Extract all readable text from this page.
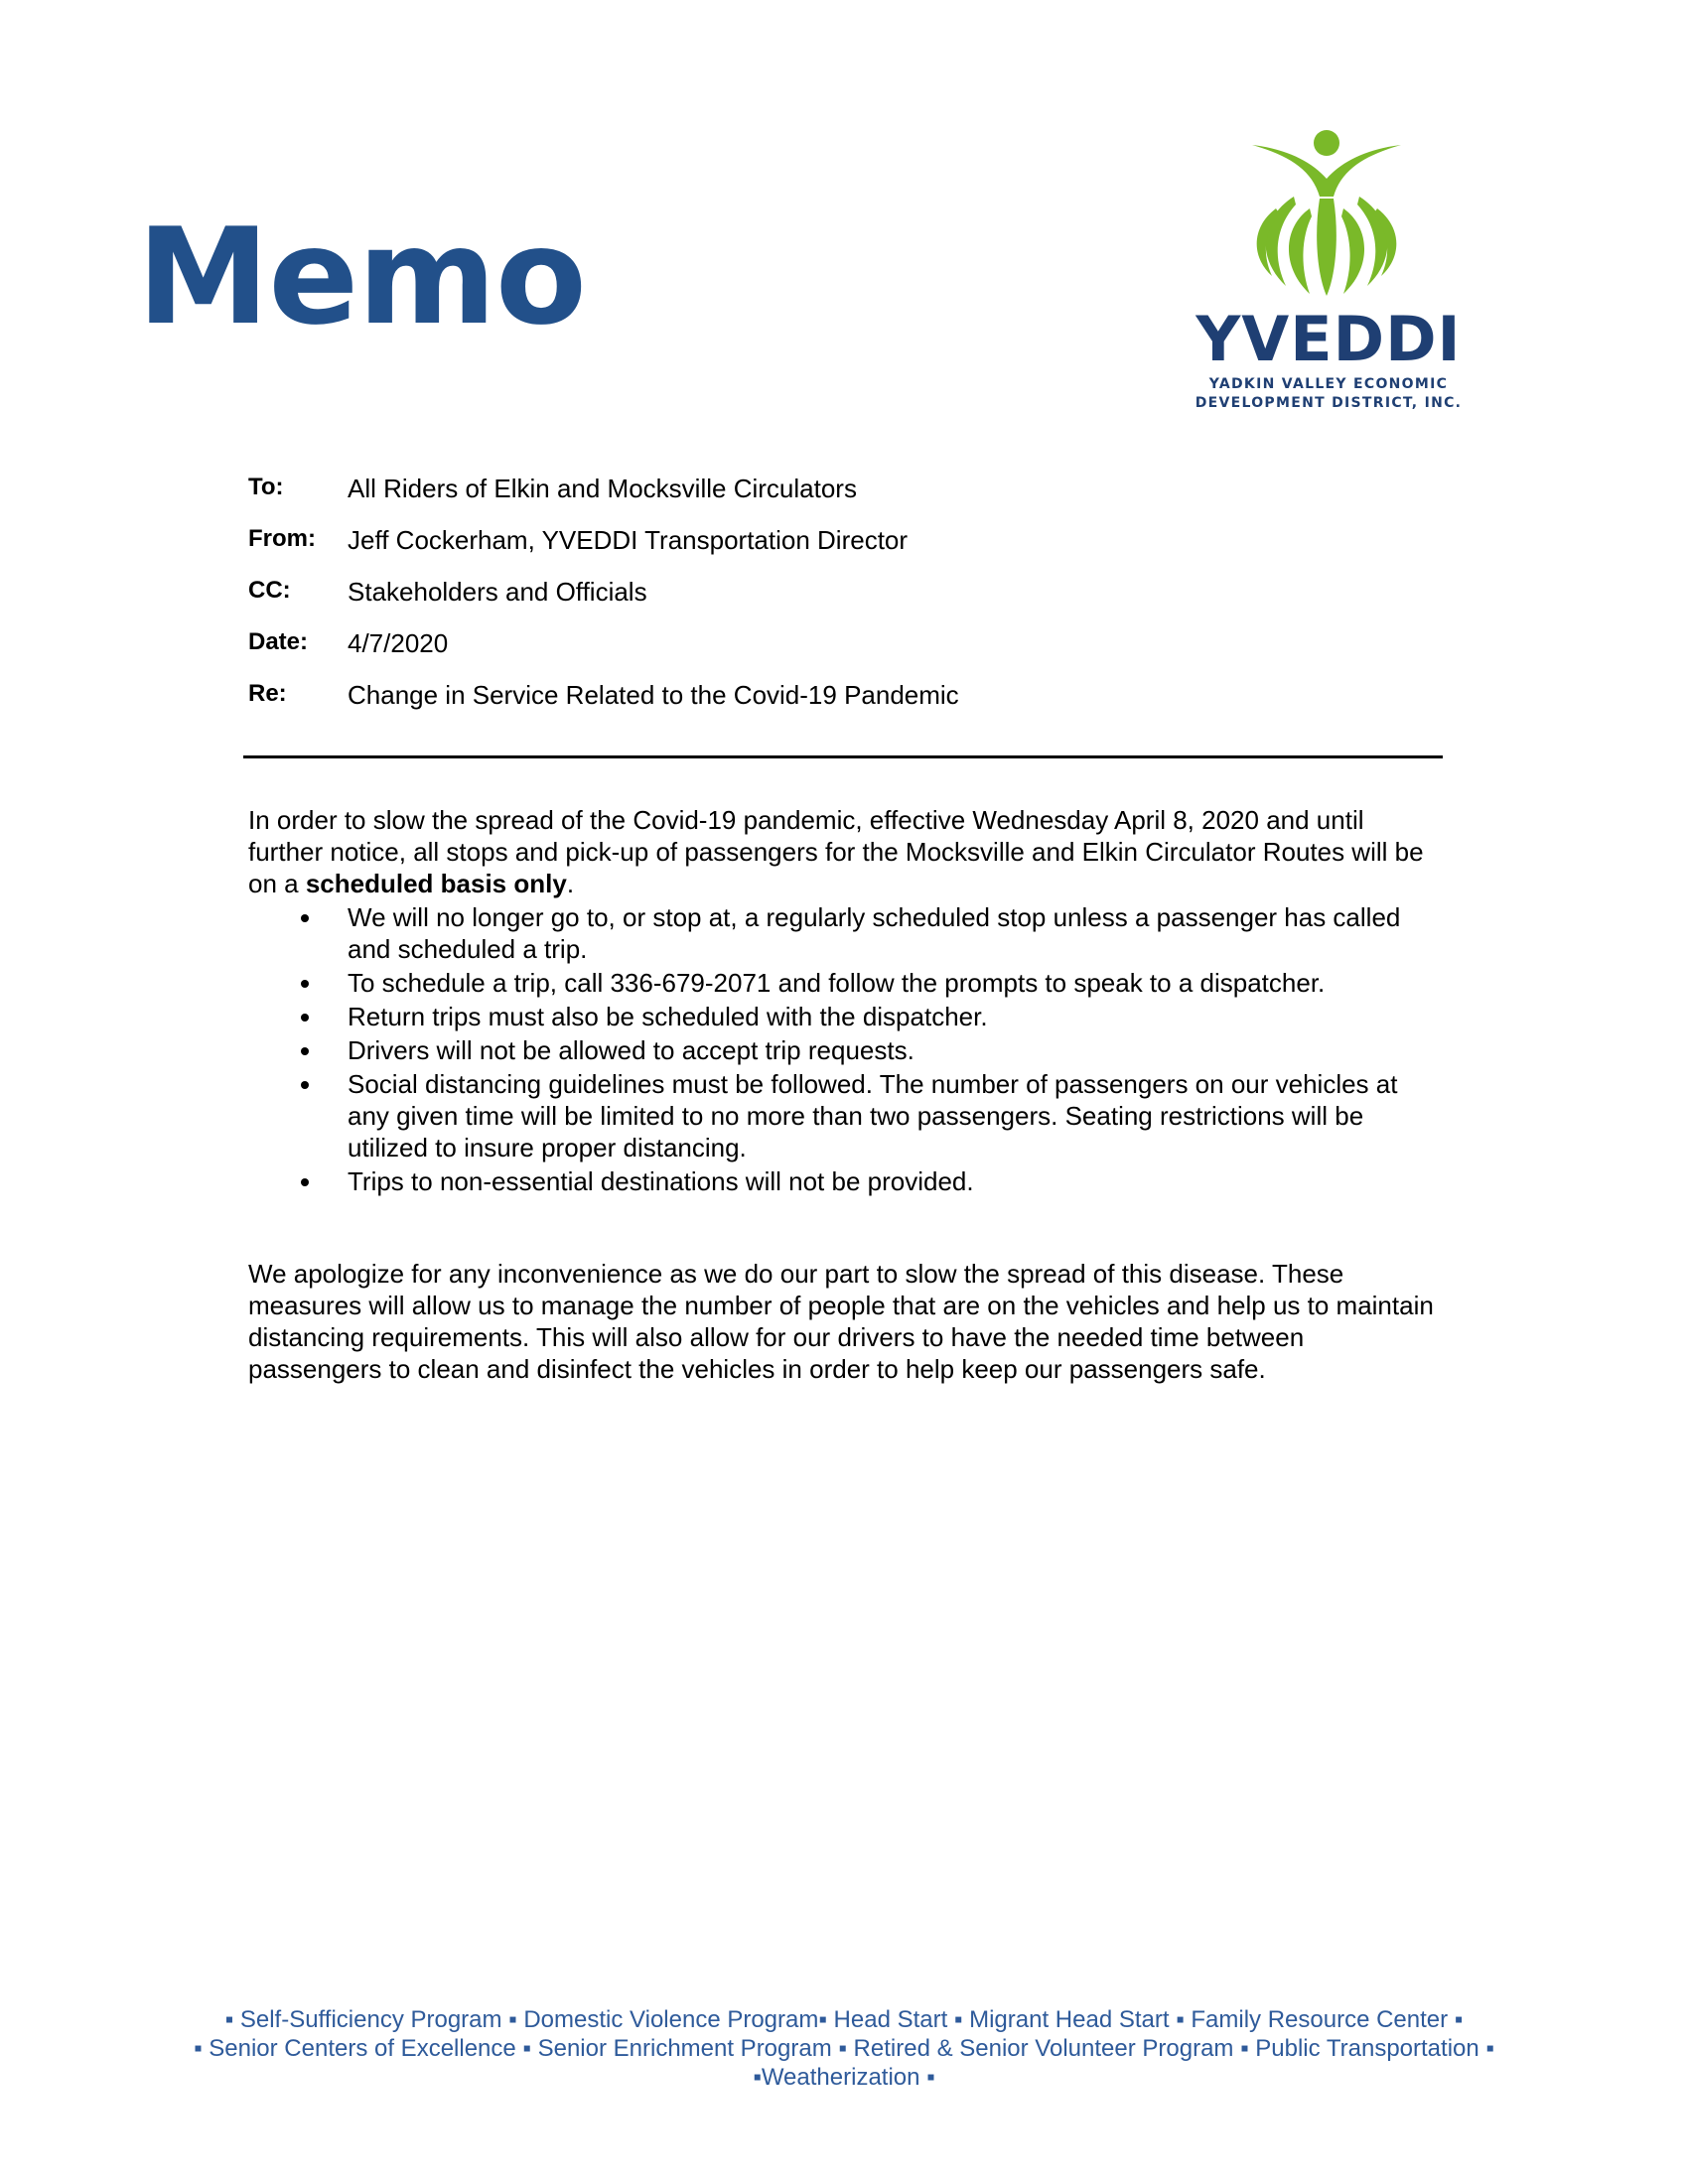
Memo	YVEDDI
YADKIN VALLEY ECONOMIC
DEVELOPMENT DISTRICT, INC.
To: All Riders of Elkin and Mocksville Circulators
From: Jeff Cockerham, YVEDDI Transportation Director
CC: Stakeholders and Officials
Date: 4/7/2020
Re: Change in Service Related to the Covid-19 Pandemic

In order to slow the spread of the Covid-19 pandemic, effective Wednesday April 8, 2020 and until further notice, all stops and pick-up of passengers for the Mocksville and Elkin Circulator Routes will be on a scheduled basis only.

We will no longer go to, or stop at, a regularly scheduled stop unless a passenger has called and scheduled a trip.
To schedule a trip, call 336-679-2071 and follow the prompts to speak to a dispatcher.
Return trips must also be scheduled with the dispatcher.
Drivers will not be allowed to accept trip requests.
Social distancing guidelines must be followed. The number of passengers on our vehicles at any given time will be limited to no more than two passengers. Seating restrictions will be utilized to insure proper distancing.
Trips to non-essential destinations will not be provided.

We apologize for any inconvenience as we do our part to slow the spread of this disease. These measures will allow us to manage the number of people that are on the vehicles and help us to maintain distancing requirements. This will also allow for our drivers to have the needed time between passengers to clean and disinfect the vehicles in order to help keep our passengers safe.

▪ Self-Sufficiency Program ▪ Domestic Violence Program▪ Head Start ▪ Migrant Head Start ▪ Family Resource Center ▪
▪ Senior Centers of Excellence ▪ Senior Enrichment Program ▪ Retired & Senior Volunteer Program ▪ Public Transportation ▪
▪Weatherization ▪
